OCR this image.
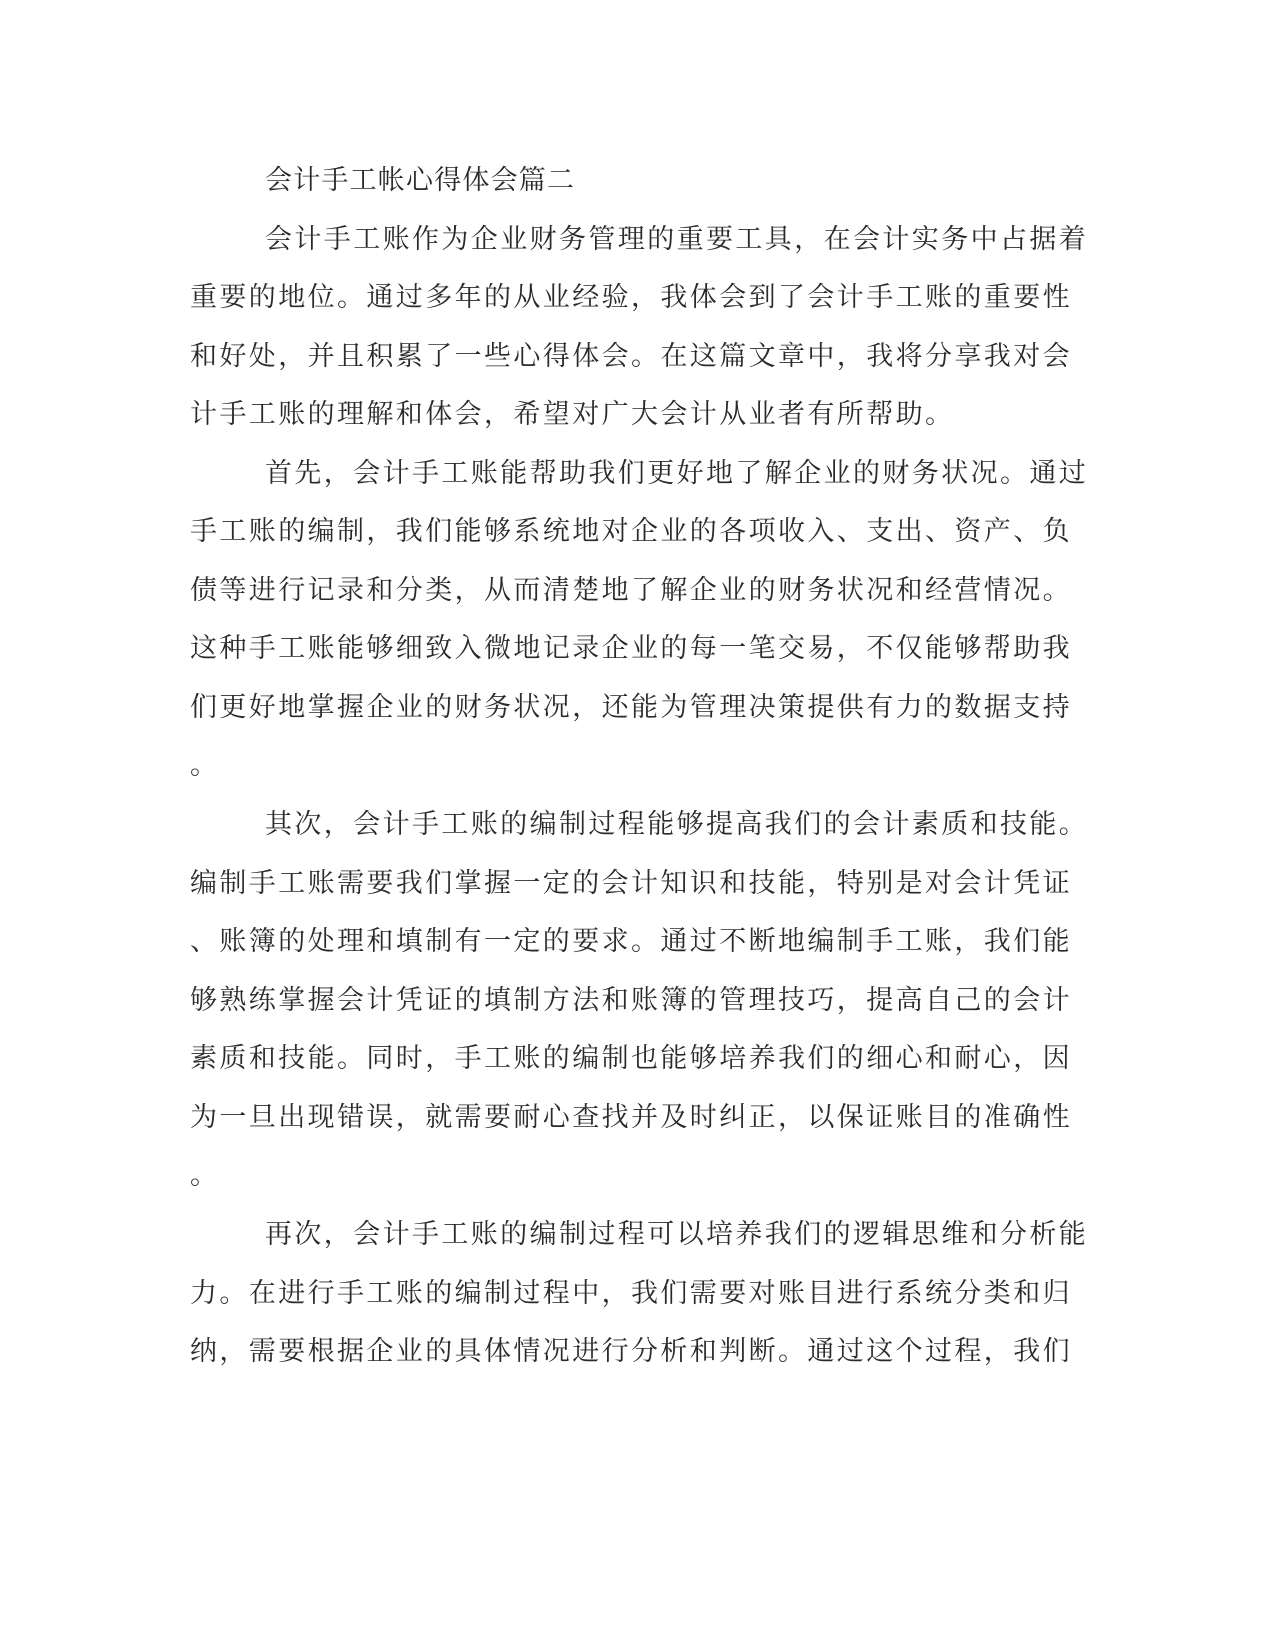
会计手工帐心得体会篇二

会计手工账作为企业财务管理的重要工具，在会计实务中占据着

重要的地位。通过多年的从业经验，我体会到了会计手工账的重要性

和好处，并且积累了一些心得体会。在这篇文章中，我将分享我对会

计手工账的理解和体会，希望对广大会计从业者有所帮助。

首先，会计手工账能帮助我们更好地了解企业的财务状况。通过

手工账的编制，我们能够系统地对企业的各项收入、支出、资产、负

债等进行记录和分类，从而清楚地了解企业的财务状况和经营情况。

这种手工账能够细致入微地记录企业的每一笔交易，不仅能够帮助我

们更好地掌握企业的财务状况，还能为管理决策提供有力的数据支持

。

其次，会计手工账的编制过程能够提高我们的会计素质和技能。

编制手工账需要我们掌握一定的会计知识和技能，特别是对会计凭证

、账簿的处理和填制有一定的要求。通过不断地编制手工账，我们能

够熟练掌握会计凭证的填制方法和账簿的管理技巧，提高自己的会计

素质和技能。同时，手工账的编制也能够培养我们的细心和耐心，因

为一旦出现错误，就需要耐心查找并及时纠正，以保证账目的准确性

。

再次，会计手工账的编制过程可以培养我们的逻辑思维和分析能

力。在进行手工账的编制过程中，我们需要对账目进行系统分类和归

纳，需要根据企业的具体情况进行分析和判断。通过这个过程，我们
